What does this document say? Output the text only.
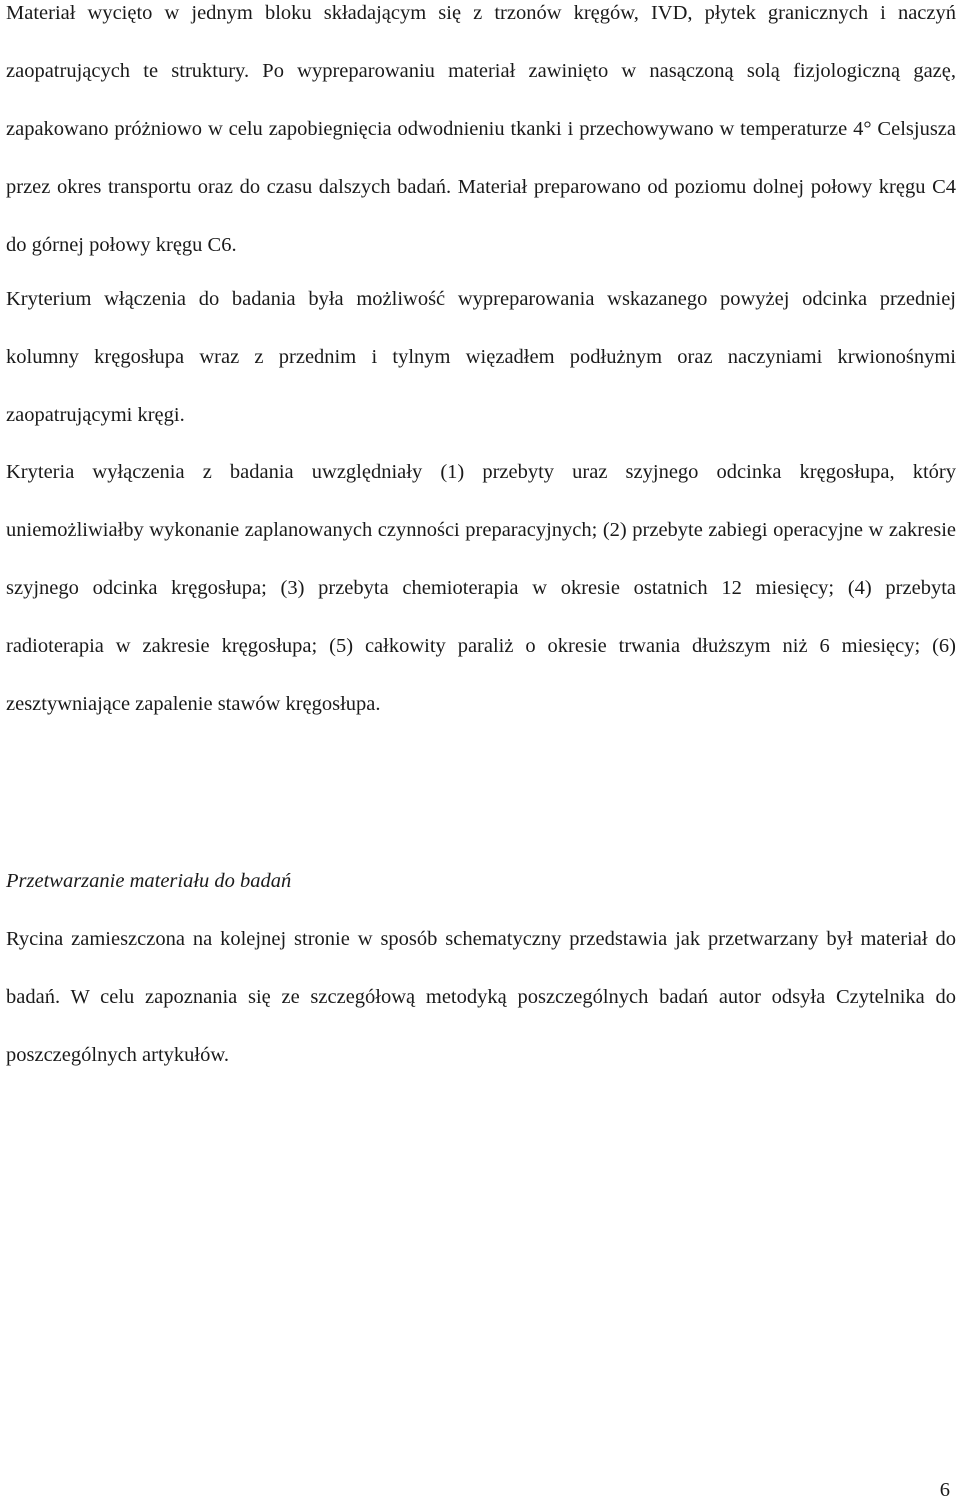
Materiał wycięto w jednym bloku składającym się z trzonów kręgów, IVD, płytek granicznych i naczyń zaopatrujących te struktury. Po wypreparowaniu materiał zawinięto w nasączoną solą fizjologiczną gazę, zapakowano próżniowo w celu zapobiegnięcia odwodnieniu tkanki i przechowywano w temperaturze 4° Celsjusza przez okres transportu oraz do czasu dalszych badań. Materiał preparowano od poziomu dolnej połowy kręgu C4 do górnej połowy kręgu C6.

Kryterium włączenia do badania była możliwość wypreparowania wskazanego powyżej odcinka przedniej kolumny kręgosłupa wraz z przednim i tylnym więzadłem podłużnym oraz naczyniami krwionośnymi zaopatrującymi kręgi.

Kryteria wyłączenia z badania uwzględniały (1) przebyty uraz szyjnego odcinka kręgosłupa, który uniemożliwiałby wykonanie zaplanowanych czynności preparacyjnych; (2) przebyte zabiegi operacyjne w zakresie szyjnego odcinka kręgosłupa; (3) przebyta chemioterapia w okresie ostatnich 12 miesięcy; (4) przebyta radioterapia w zakresie kręgosłupa; (5) całkowity paraliż o okresie trwania dłuższym niż 6 miesięcy; (6) zesztywniające zapalenie stawów kręgosłupa.

Przetwarzanie materiału do badań

Rycina zamieszczona na kolejnej stronie w sposób schematyczny przedstawia jak przetwarzany był materiał do badań. W celu zapoznania się ze szczegółową metodyką poszczególnych badań autor odsyła Czytelnika do poszczególnych artykułów.

6
